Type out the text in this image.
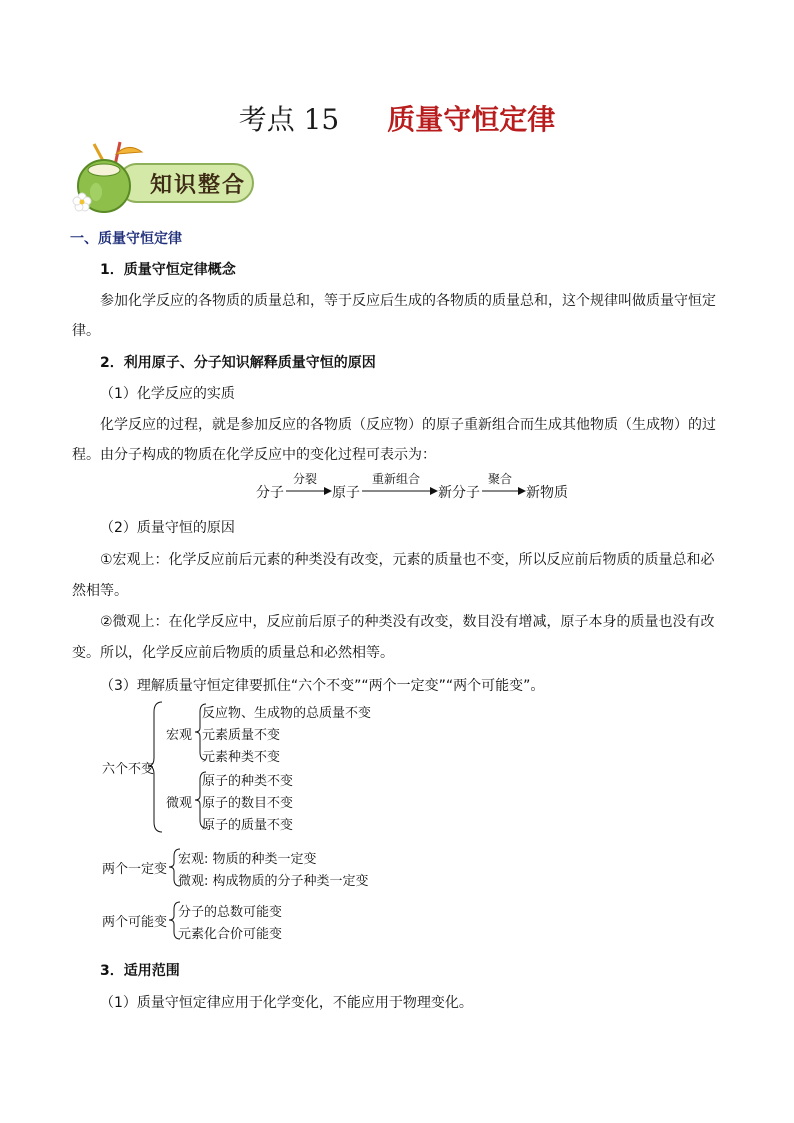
考点 15 质量守恒定律
知识整合
一、质量守恒定律
1．质量守恒定律概念
参加化学反应的各物质的质量总和，等于反应后生成的各物质的质量总和，这个规律叫做质量守恒定
律。
2．利用原子、分子知识解释质量守恒的原因
（1）化学反应的实质
化学反应的过程，就是参加反应的各物质（反应物）的原子重新组合而生成其他物质（生成物）的过
程。由分子构成的物质在化学反应中的变化过程可表示为：
分子
分裂
原子
重新组合
新分子
聚合
新物质
（2）质量守恒的原因
①宏观上：化学反应前后元素的种类没有改变，元素的质量也不变，所以反应前后物质的质量总和必
然相等。
②微观上：在化学反应中，反应前后原子的种类没有改变，数目没有增减，原子本身的质量也没有改
变。所以，化学反应前后物质的质量总和必然相等。
（3）理解质量守恒定律要抓住“六个不变”“两个一定变”“两个可能变”。
六个不变
宏观
微观
反应物、生成物的总质量不变
元素质量不变
元素种类不变
原子的种类不变
原子的数目不变
原子的质量不变
两个一定变
宏观: 物质的种类一定变
微观: 构成物质的分子种类一定变
两个可能变
分子的总数可能变
元素化合价可能变
3．适用范围
（1）质量守恒定律应用于化学变化，不能应用于物理变化。
